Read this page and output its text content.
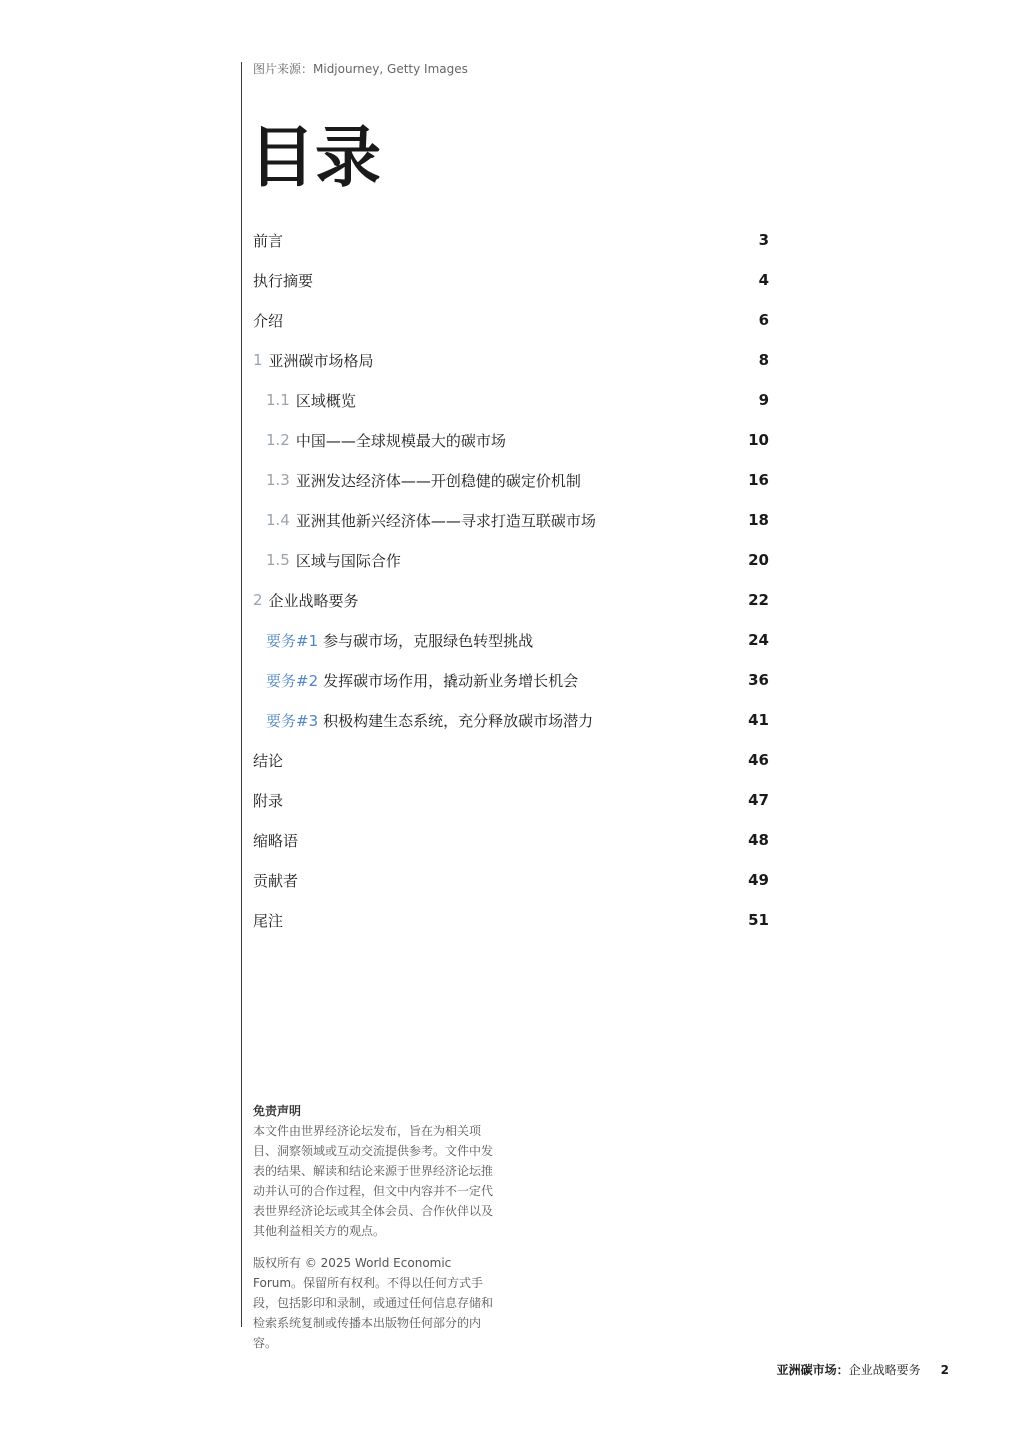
图片来源：Midjourney, Getty Images
目录
前言	3
执行摘要	4
介绍	6
1 亚洲碳市场格局	8
1.1 区域概览	9
1.2 中国——全球规模最大的碳市场	10
1.3 亚洲发达经济体——开创稳健的碳定价机制	16
1.4 亚洲其他新兴经济体——寻求打造互联碳市场	18
1.5 区域与国际合作	20
2 企业战略要务	22
要务#1 参与碳市场，克服绿色转型挑战	24
要务#2 发挥碳市场作用，撬动新业务增长机会	36
要务#3 积极构建生态系统，充分释放碳市场潜力	41
结论	46
附录	47
缩略语	48
贡献者	49
尾注	51
免责声明
本文件由世界经济论坛发布，旨在为相关项目、洞察领域或互动交流提供参考。文件中发表的结果、解读和结论来源于世界经济论坛推动并认可的合作过程，但文中内容并不一定代表世界经济论坛或其全体会员、合作伙伴以及其他利益相关方的观点。
版权所有 © 2025 World Economic Forum。保留所有权利。不得以任何方式手段，包括影印和录制，或通过任何信息存储和检索系统复制或传播本出版物任何部分的内容。
亚洲碳市场：企业战略要务 2
